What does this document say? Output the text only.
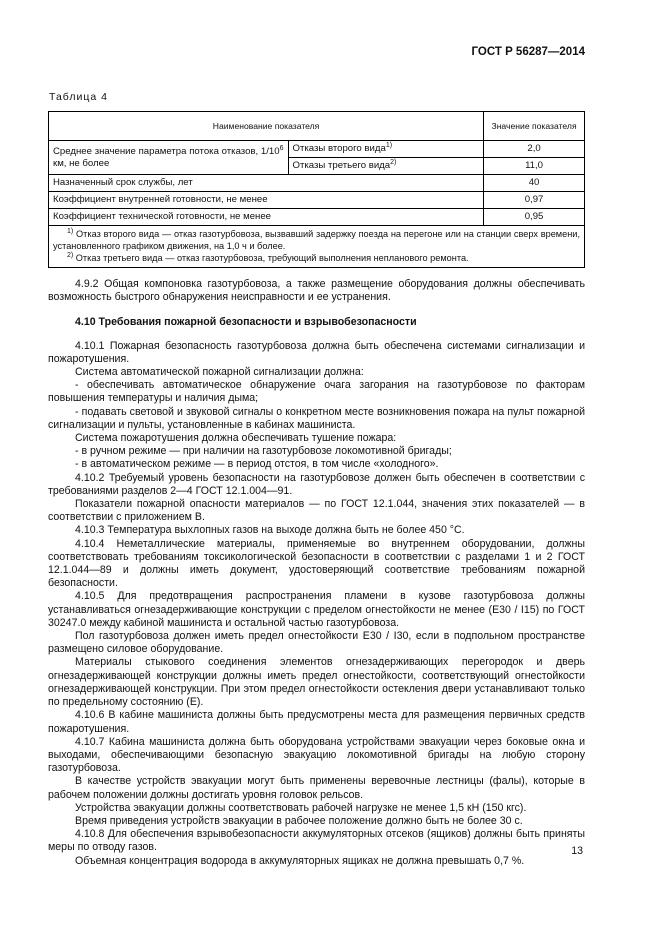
ГОСТ Р 56287—2014
Таблица 4
Наименование показателя		Значение показателя
Среднее значение параметра потока отказов, $1/10^6$ км, не более	Отказы второго вида$^{1)}$	2,0
	Отказы третьего вида$^{2)}$	11,0
Назначенный срок службы, лет		40
Коэффициент внутренней готовности, не менее		0,97
Коэффициент технической готовности, не менее		0,95

$^{1)}$ Отказ второго вида — отказ газотурбовоза, вызвавший задержку поезда на перегоне или на станции сверх времени, установленного графиком движения, на 1,0 ч и более.
$^{2)}$ Отказ третьего вида — отказ газотурбовоза, требующий выполнения непланового ремонта.		

4.9.2 Общая компоновка газотурбовоза, а также размещение оборудования должны обеспечивать возможность быстрого обнаружения неисправности и ее устранения.

4.10 Требования пожарной безопасности и взрывобезопасности

4.10.1 Пожарная безопасность газотурбовоза должна быть обеспечена системами сигнализации и пожаротушения.

Система автоматической пожарной сигнализации должна:

- обеспечивать автоматическое обнаружение очага загорания на газотурбовозе по факторам повышения температуры и наличия дыма;

- подавать световой и звуковой сигналы о конкретном месте возникновения пожара на пульт пожарной сигнализации и пульты, установленные в кабинах машиниста.

Система пожаротушения должна обеспечивать тушение пожара:

- в ручном режиме — при наличии на газотурбовозе локомотивной бригады;

- в автоматическом режиме — в период отстоя, в том числе «холодного».

4.10.2 Требуемый уровень безопасности на газотурбовозе должен быть обеспечен в соответствии с требованиями разделов 2—4 ГОСТ 12.1.004—91.

Показатели пожарной опасности материалов — по ГОСТ 12.1.044, значения этих показателей — в соответствии с приложением В.

4.10.3 Температура выхлопных газов на выходе должна быть не более 450 °С.

4.10.4 Неметаллические материалы, применяемые во внутреннем оборудовании, должны соответствовать требованиям токсикологической безопасности в соответствии с разделами 1 и 2 ГОСТ 12.1.044—89 и должны иметь документ, удостоверяющий соответствие требованиям пожарной безопасности.

4.10.5 Для предотвращения распространения пламени в кузове газотурбовоза должны устанавливаться огнезадерживающие конструкции с пределом огнестойкости не менее (Е30 / I15) по ГОСТ 30247.0 между кабиной машиниста и остальной частью газотурбовоза.

Пол газотурбовоза должен иметь предел огнестойкости Е30 / I30, если в подпольном пространстве размещено силовое оборудование.

Материалы стыкового соединения элементов огнезадерживающих перегородок и дверь огнезадерживающей конструкции должны иметь предел огнестойкости, соответствующий огнестойкости огнезадерживающей конструкции. При этом предел огнестойкости остекления двери устанавливают только по предельному состоянию (Е).

4.10.6 В кабине машиниста должны быть предусмотрены места для размещения первичных средств пожаротушения.

4.10.7 Кабина машиниста должна быть оборудована устройствами эвакуации через боковые окна и выходами, обеспечивающими безопасную эвакуацию локомотивной бригады на любую сторону газотурбовоза.

В качестве устройств эвакуации могут быть применены веревочные лестницы (фалы), которые в рабочем положении должны достигать уровня головок рельсов.

Устройства эвакуации должны соответствовать рабочей нагрузке не менее 1,5 кН (150 кгс).

Время приведения устройств эвакуации в рабочее положение должно быть не более 30 с.

4.10.8 Для обеспечения взрывобезопасности аккумуляторных отсеков (ящиков) должны быть приняты меры по отводу газов.

Объемная концентрация водорода в аккумуляторных ящиках не должна превышать 0,7 %.

13
